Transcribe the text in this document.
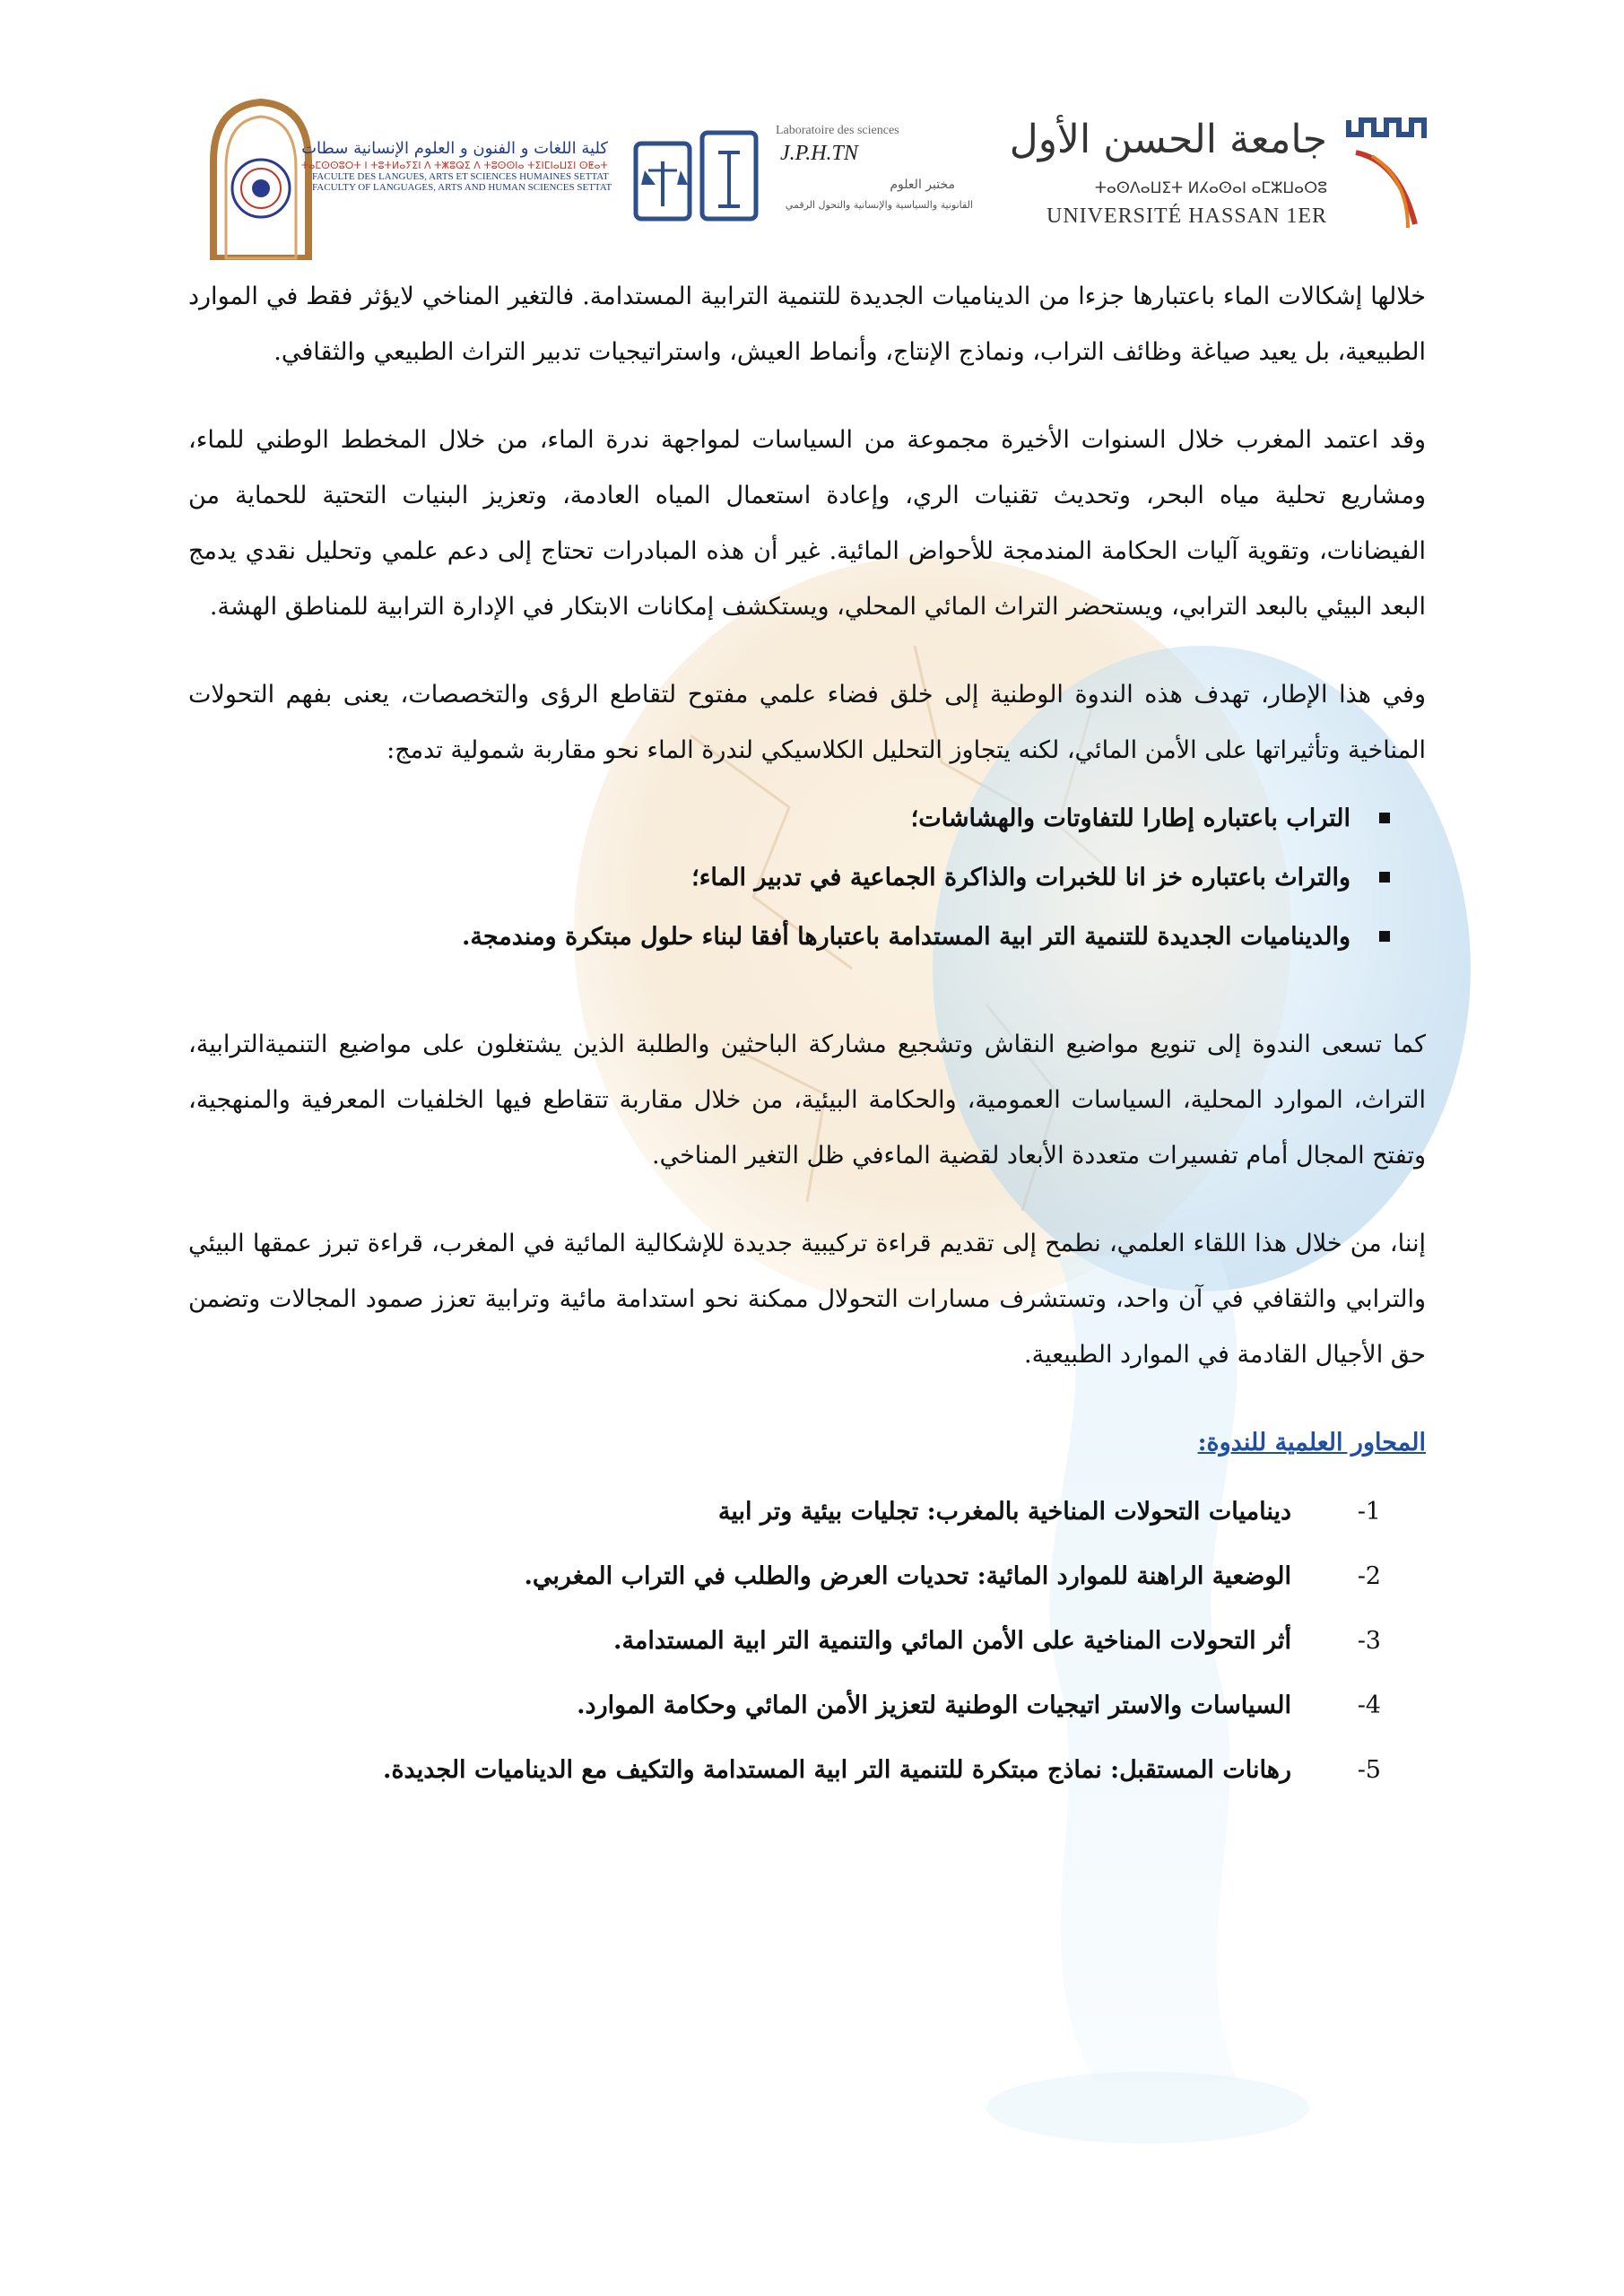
كلية اللغات و الفنون و العلوم الإنسانية سطات
ⵜⴰⵎⵙⵙⵓⵔⵜ ⵏ ⵜⵓⵜⵍⴰⵢⵉⵏ ⴷ ⵜⵥⵓⵕⵉ ⴷ ⵜⵓⵙⵙⵏⴰ ⵜⵉⵏⵎⵏⴰⵡⵉⵏ ⵙⵟⴰⵜ
FACULTE DES LANGUES, ARTS ET SCIENCES HUMAINES SETTAT
FACULTY OF LANGUAGES, ARTS AND HUMAN SCIENCES SETTAT
Laboratoire des sciences
J.P.H.TN
مختبر العلوم
القانونية والسياسية والإنسانية والتحول الرقمي
جامعة الحسن الأول
ⵜⴰⵙⴷⴰⵡⵉⵜ ⵍⵃⴰⵙⴰⵏ ⴰⵎⵣⵡⴰⵔⵓ
UNIVERSITÉ HASSAN 1ER

خلالها إشكالات الماء باعتبارها جزءا من الديناميات الجديدة للتنمية الترابية المستدامة. فالتغير المناخي لايؤثر فقط في الموارد الطبيعية، بل يعيد صياغة وظائف التراب، ونماذج الإنتاج، وأنماط العيش، واستراتيجيات تدبير التراث الطبيعي والثقافي.

وقد اعتمد المغرب خلال السنوات الأخيرة مجموعة من السياسات لمواجهة ندرة الماء، من خلال المخطط الوطني للماء، ومشاريع تحلية مياه البحر، وتحديث تقنيات الري، وإعادة استعمال المياه العادمة، وتعزيز البنيات التحتية للحماية من الفيضانات، وتقوية آليات الحكامة المندمجة للأحواض المائية. غير أن هذه المبادرات تحتاج إلى دعم علمي وتحليل نقدي يدمج البعد البيئي بالبعد الترابي، ويستحضر التراث المائي المحلي، ويستكشف إمكانات الابتكار في الإدارة الترابية للمناطق الهشة.

وفي هذا الإطار، تهدف هذه الندوة الوطنية إلى خلق فضاء علمي مفتوح لتقاطع الرؤى والتخصصات، يعنى بفهم التحولات المناخية وتأثيراتها على الأمن المائي، لكنه يتجاوز التحليل الكلاسيكي لندرة الماء نحو مقاربة شمولية تدمج:

التراب باعتباره إطارا للتفاوتات والهشاشات؛
والتراث باعتباره خز انا للخبرات والذاكرة الجماعية في تدبير الماء؛
والديناميات الجديدة للتنمية التر ابية المستدامة باعتبارها أفقا لبناء حلول مبتكرة ومندمجة.

كما تسعى الندوة إلى تنويع مواضيع النقاش وتشجيع مشاركة الباحثين والطلبة الذين يشتغلون على مواضيع التنميةالترابية، التراث، الموارد المحلية، السياسات العمومية، والحكامة البيئية، من خلال مقاربة تتقاطع فيها الخلفيات المعرفية والمنهجية، وتفتح المجال أمام تفسيرات متعددة الأبعاد لقضية الماءفي ظل التغير المناخي.

إننا، من خلال هذا اللقاء العلمي، نطمح إلى تقديم قراءة تركيبية جديدة للإشكالية المائية في المغرب، قراءة تبرز عمقها البيئي والترابي والثقافي في آن واحد، وتستشرف مسارات التحولال ممكنة نحو استدامة مائية وترابية تعزز صمود المجالات وتضمن حق الأجيال القادمة في الموارد الطبيعية.

المحاور العلمية للندوة:
-1
ديناميات التحولات المناخية بالمغرب: تجليات بيئية وتر ابية
-2
الوضعية الراهنة للموارد المائية: تحديات العرض والطلب في التراب المغربي.
-3
أثر التحولات المناخية على الأمن المائي والتنمية التر ابية المستدامة.
-4
السياسات والاستر اتيجيات الوطنية لتعزيز الأمن المائي وحكامة الموارد.
-5
رهانات المستقبل: نماذج مبتكرة للتنمية التر ابية المستدامة والتكيف مع الديناميات الجديدة.
